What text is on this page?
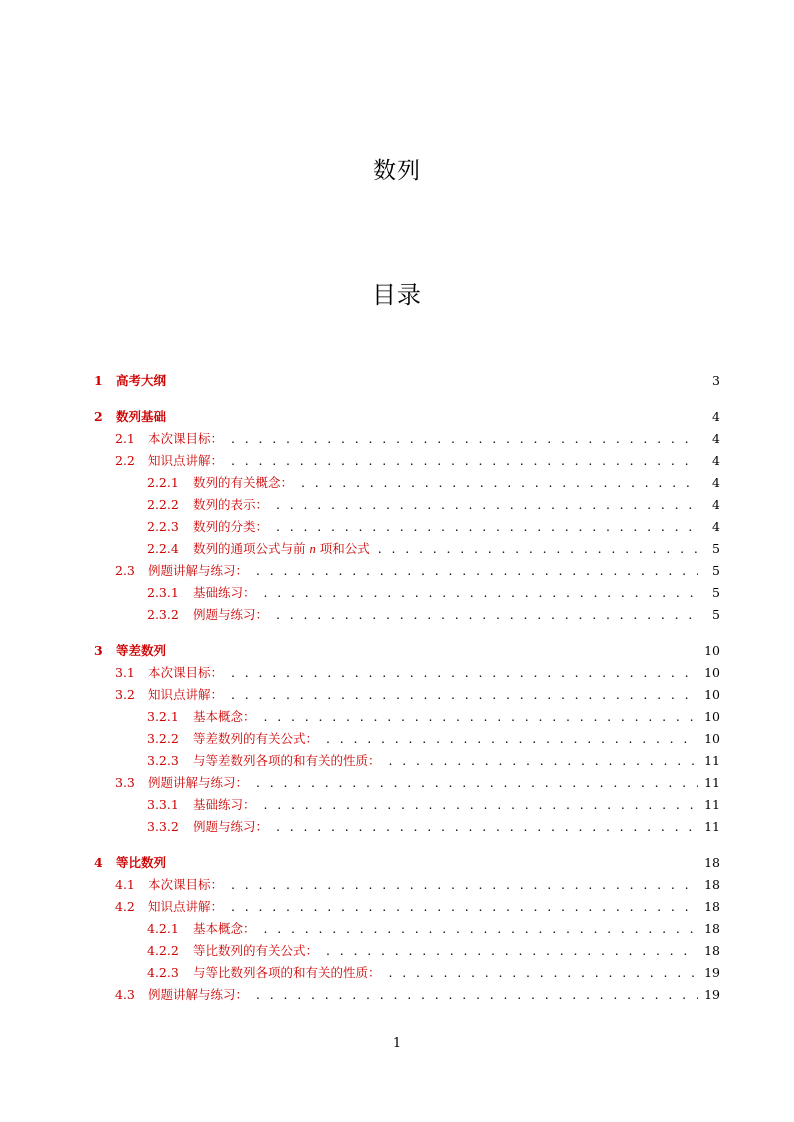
数列
目录
1	高考大纲	3
2	数列基础	4
2.1	本次课目标： . . .	4
2.2	知识点讲解： . . .	4
2.2.1	数列的有关概念： . . .	4
2.2.2	数列的表示： . . .	4
2.2.3	数列的分类： . . .	4
2.2.4	数列的通项公式与前 n 项和公式 . . .	5
2.3	例题讲解与练习： . . .	5
2.3.1	基础练习： . . .	5
2.3.2	例题与练习： . . .	5
3	等差数列	10
3.1	本次课目标： . . .	10
3.2	知识点讲解： . . .	10
3.2.1	基本概念： . . .	10
3.2.2	等差数列的有关公式： . . .	10
3.2.3	与等差数列各项的和有关的性质： . . .	11
3.3	例题讲解与练习： . . .	11
3.3.1	基础练习： . . .	11
3.3.2	例题与练习： . . .	11
4	等比数列	18
4.1	本次课目标： . . .	18
4.2	知识点讲解： . . .	18
4.2.1	基本概念： . . .	18
4.2.2	等比数列的有关公式： . . .	18
4.2.3	与等比数列各项的和有关的性质： . . .	19
4.3	例题讲解与练习： . . .	19
1
